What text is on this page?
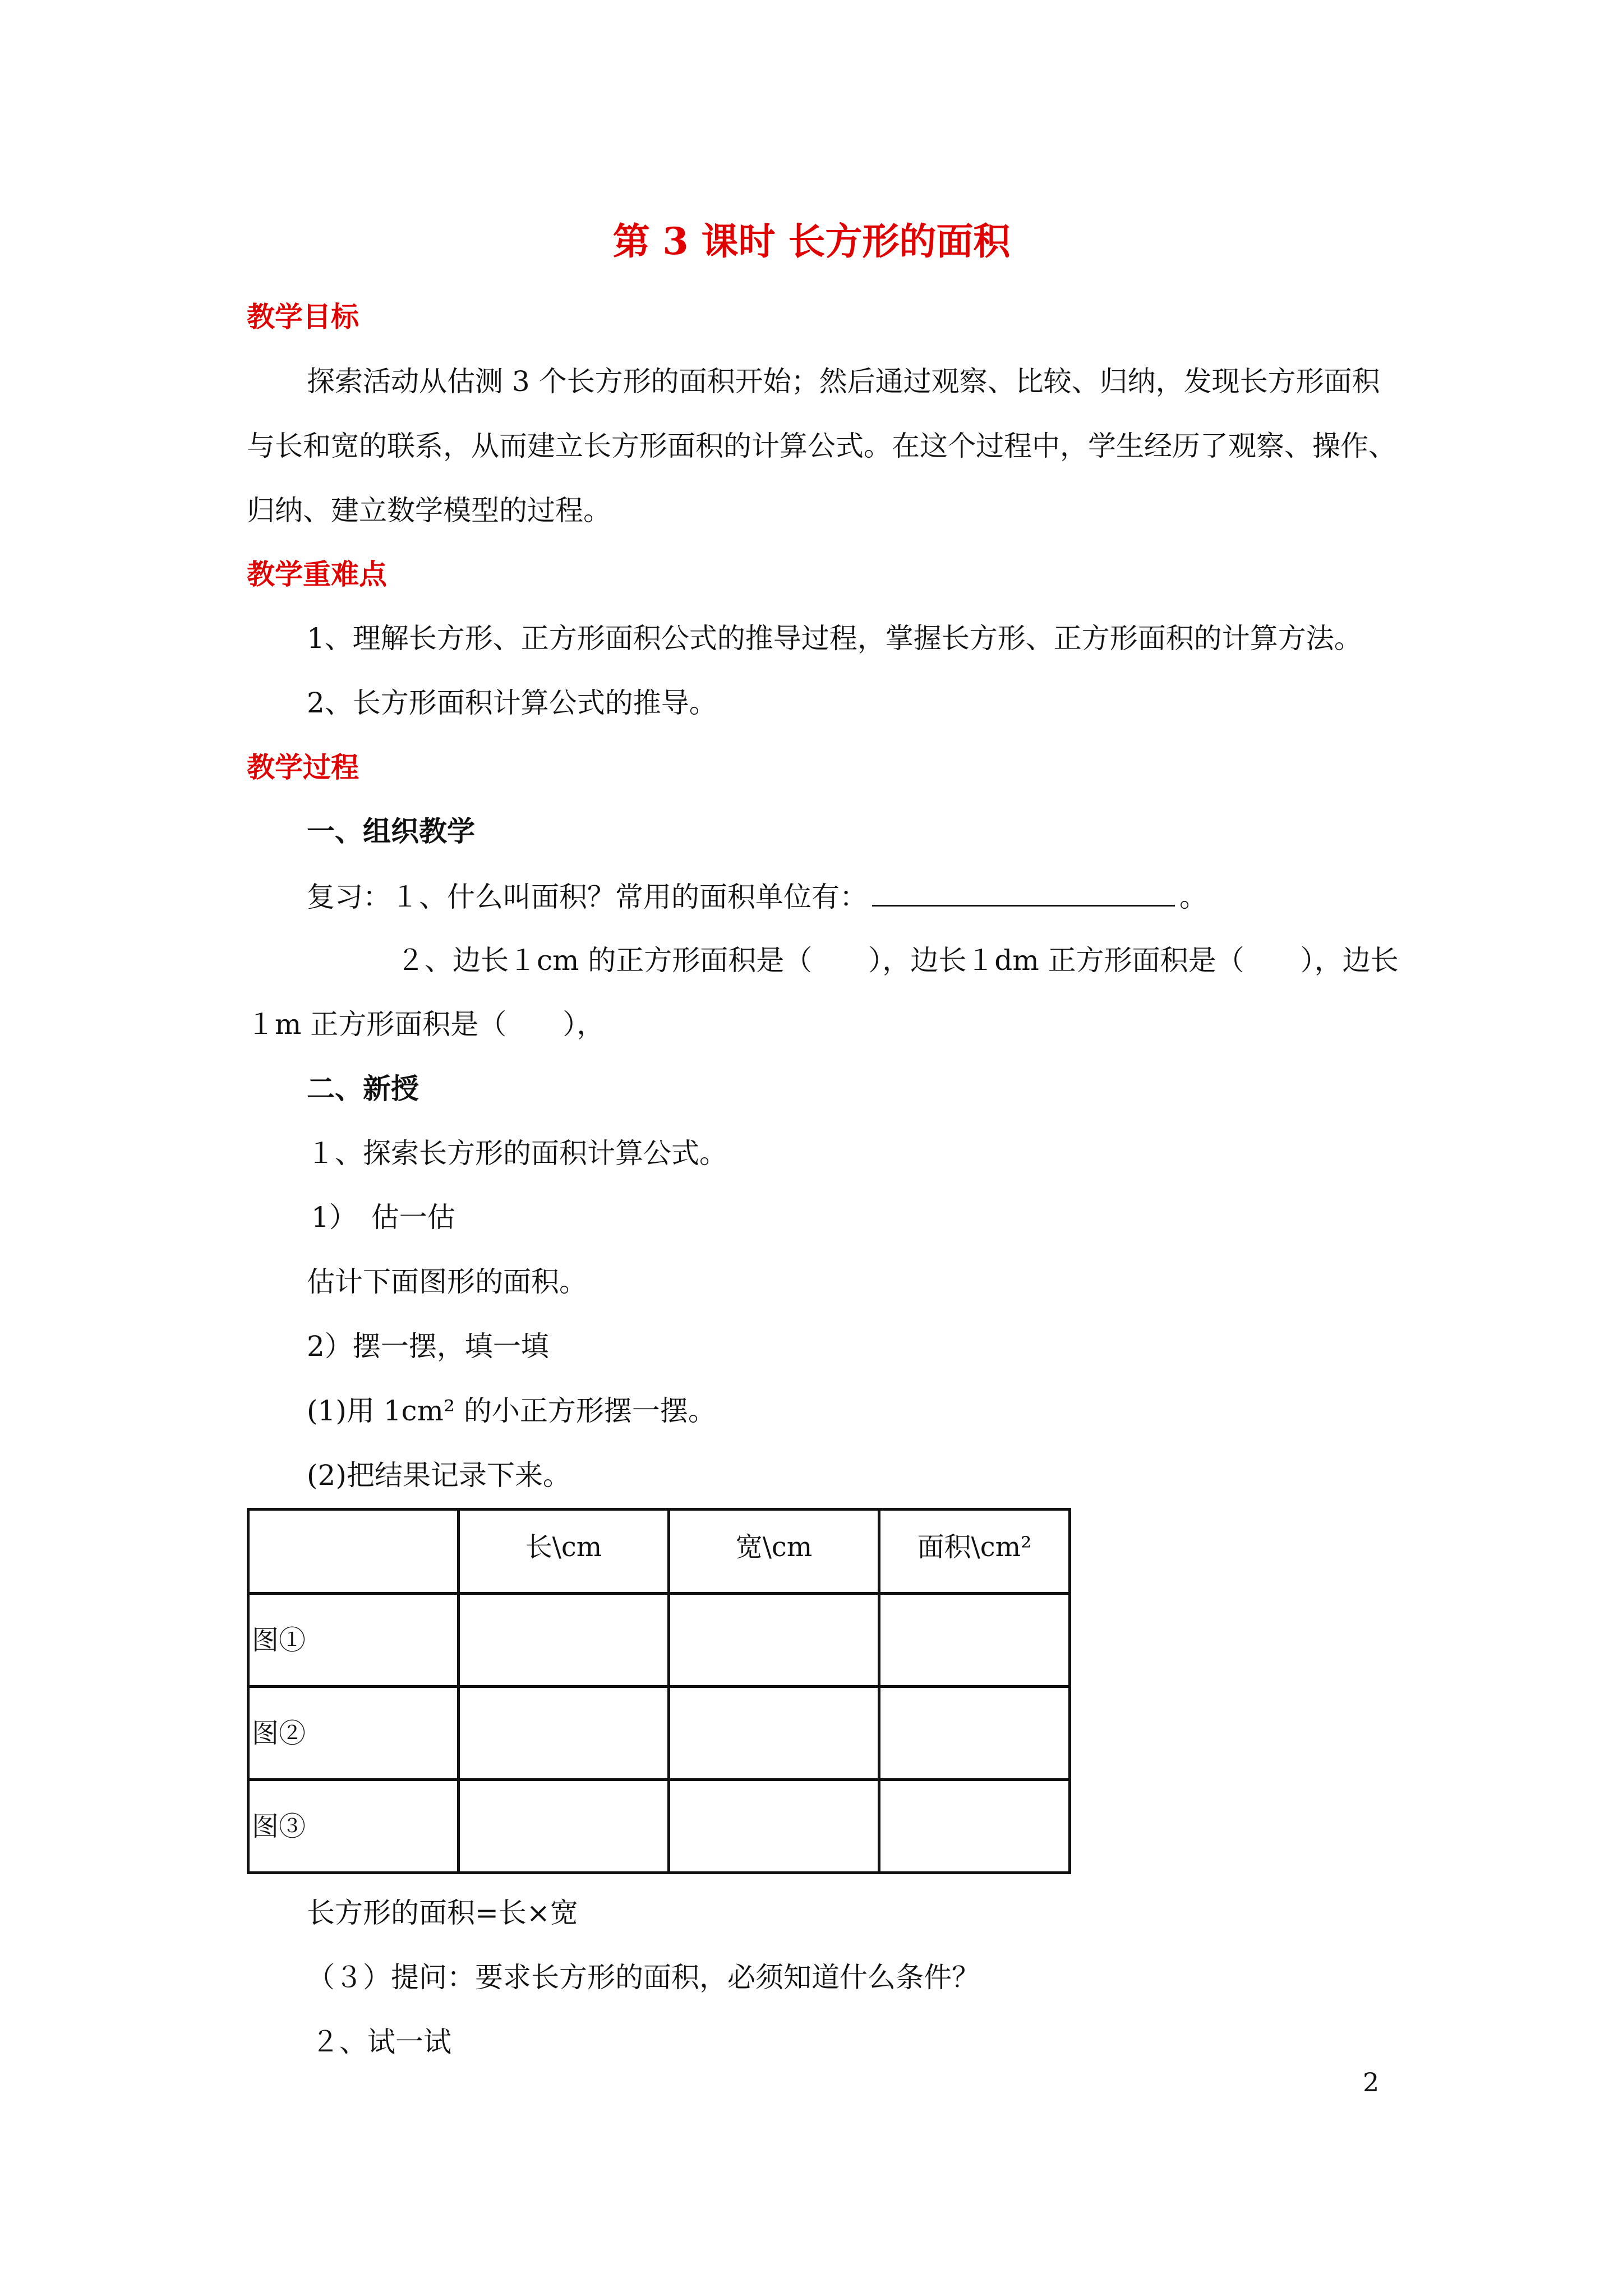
第 3 课时 长方形的面积

教学目标

探索活动从估测 3 个长方形的面积开始；然后通过观察、比较、归纳，发现长方形面积

与长和宽的联系，从而建立长方形面积的计算公式。在这个过程中，学生经历了观察、操作、

归纳、建立数学模型的过程。

教学重难点

1、理解长方形、正方形面积公式的推导过程，掌握长方形、正方形面积的计算方法。

2、长方形面积计算公式的推导。

教学过程

一、组织教学

复习：１、什么叫面积？常用的面积单位有：	。

２、边长１cm 的正方形面积是（　　），边长１dm 正方形面积是（　　），边长

１m 正方形面积是（　　），

二、新授

１、探索长方形的面积计算公式。

1）　估一估

估计下面图形的面积。

2）摆一摆，填一填

(1)用 1cm² 的小正方形摆一摆。

(2)把结果记录下来。

	长\cm	宽\cm	面积\cm²
图①			
图②			
图③			

长方形的面积=长×宽

（３）提问：要求长方形的面积，必须知道什么条件？

２、试一试

2
